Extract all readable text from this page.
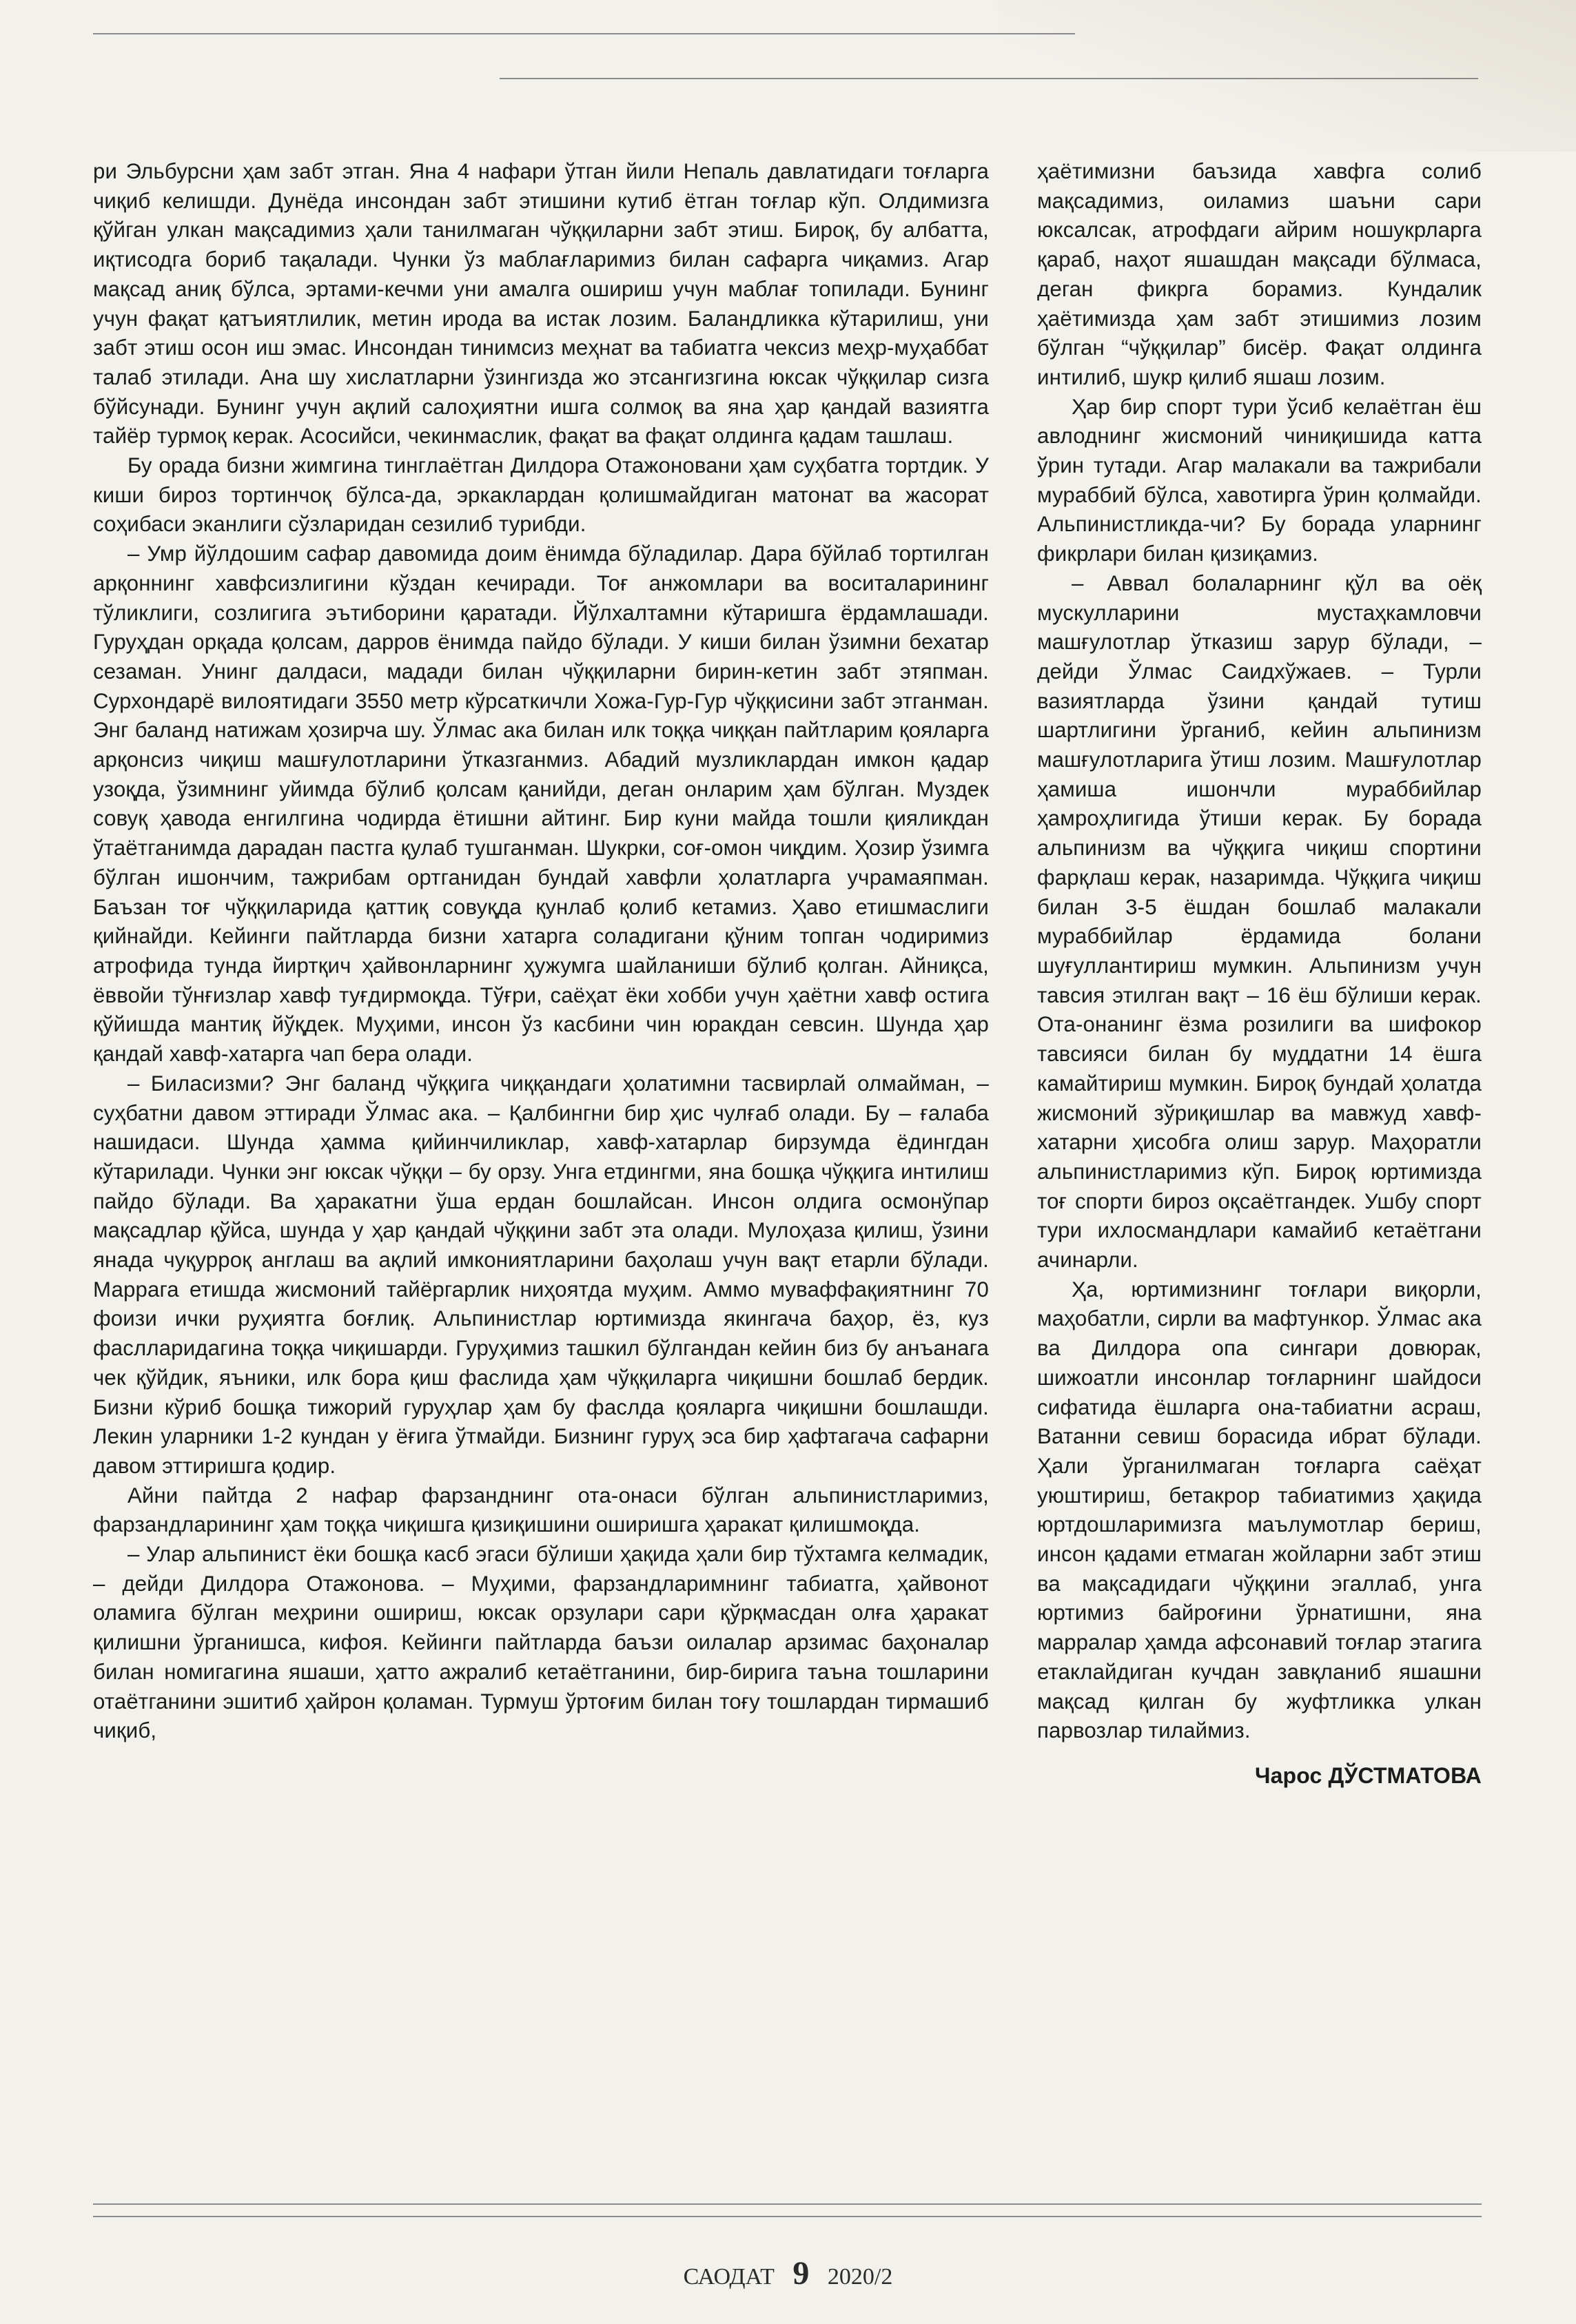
ри Эльбурсни ҳам забт этган. Яна 4 нафари ўтган йили Непаль давлатидаги тоғларга чиқиб келишди. Дунёда инсондан забт этишини кутиб ётган тоғлар кўп. Олдимизга қўйган улкан мақсадимиз ҳали танилмаган чўққиларни забт этиш. Бироқ, бу албатта, иқтисодга бориб тақалади. Чунки ўз маблағларимиз билан сафарга чиқамиз. Агар мақсад аниқ бўлса, эртами-кечми уни амалга ошириш учун маблағ топилади. Бунинг учун фақат қатъиятлилик, метин ирода ва истак лозим. Баландликка кўтарилиш, уни забт этиш осон иш эмас. Инсондан тинимсиз меҳнат ва табиатга чексиз меҳр-муҳаббат талаб этилади. Ана шу хислатларни ўзингизда жо этсангизгина юксак чўққилар сизга бўйсунади. Бунинг учун ақлий салоҳиятни ишга солмоқ ва яна ҳар қандай вазиятга тайёр турмоқ керак. Асосийси, чекинмаслик, фақат ва фақат олдинга қадам ташлаш.

Бу орада бизни жимгина тинглаётган Дилдора Отажоновани ҳам суҳбатга тортдик. У киши бироз тортинчоқ бўлса-да, эркаклардан қолишмайдиган матонат ва жасорат соҳибаси эканлиги сўзларидан сезилиб турибди.

– Умр йўлдошим сафар давомида доим ёнимда бўладилар. Дара бўйлаб тортилган арқоннинг хавфсизлигини кўздан кечиради. Тоғ анжомлари ва воситаларининг тўликлиги, созлигига эътиборини қаратади. Йўлхалтамни кўтаришга ёрдамлашади. Гуруҳдан орқада қолсам, дарров ёнимда пайдо бўлади. У киши билан ўзимни бехатар сезаман. Унинг далдаси, мадади билан чўққиларни бирин-кетин забт этяпман. Сурхондарё вилоятидаги 3550 метр кўрсаткичли Хожа-Гур-Гур чўққисини забт этганман. Энг баланд натижам ҳозирча шу. Ўлмас ака билан илк тоққа чиққан пайтларим қояларга арқонсиз чиқиш машғулотларини ўтказганмиз. Абадий музликлардан имкон қадар узоқда, ўзимнинг уйимда бўлиб қолсам қанийди, деган онларим ҳам бўлган. Муздек совуқ ҳавода енгилгина чодирда ётишни айтинг. Бир куни майда тошли қияликдан ўтаётганимда дарадан пастга қулаб тушганман. Шукрки, соғ-омон чиқдим. Ҳозир ўзимга бўлган ишончим, тажрибам ортганидан бундай хавфли ҳолатларга учрамаяпман. Баъзан тоғ чўққиларида қаттиқ совуқда қунлаб қолиб кетамиз. Ҳаво етишмаслиги қийнайди. Кейинги пайтларда бизни хатарга соладигани қўним топган чодиримиз атрофида тунда йиртқич ҳайвонларнинг ҳужумга шайланиши бўлиб қолган. Айниқса, ёввойи тўнғизлар хавф туғдирмоқда. Тўғри, саёҳат ёки хобби учун ҳаётни хавф остига қўйишда мантиқ йўқдек. Муҳими, инсон ўз касбини чин юракдан севсин. Шунда ҳар қандай хавф-хатарга чап бера олади.

– Биласизми? Энг баланд чўққига чиққандаги ҳолатимни тасвирлай олмайман, – суҳбатни давом эттиради Ўлмас ака. – Қалбингни бир ҳис чулғаб олади. Бу – ғалаба нашидаси. Шунда ҳамма қийинчиликлар, хавф-хатарлар бирзумда ёдингдан кўтарилади. Чунки энг юксак чўққи – бу орзу. Унга етдингми, яна бошқа чўққига интилиш пайдо бўлади. Ва ҳаракатни ўша ердан бошлайсан. Инсон олдига осмонўпар мақсадлар қўйса, шунда у ҳар қандай чўққини забт эта олади. Мулоҳаза қилиш, ўзини янада чуқурроқ англаш ва ақлий имкониятларини баҳолаш учун вақт етарли бўлади. Маррага етишда жисмоний тайёргарлик ниҳоятда муҳим. Аммо муваффақиятнинг 70 фоизи ички руҳиятга боғлиқ. Альпинистлар юртимизда якингача баҳор, ёз, куз фаслларидагина тоққа чиқишарди. Гуруҳимиз ташкил бўлгандан кейин биз бу анъанага чек қўйдик, яъники, илк бора қиш фаслида ҳам чўққиларга чиқишни бошлаб бердик. Бизни кўриб бошқа тижорий гуруҳлар ҳам бу фаслда қояларга чиқишни бошлашди. Лекин уларники 1-2 кундан у ёғига ўтмайди. Бизнинг гуруҳ эса бир ҳафтагача сафарни давом эттиришга қодир.

Айни пайтда 2 нафар фарзанднинг ота-онаси бўлган альпинистларимиз, фарзандларининг ҳам тоққа чиқишга қизиқишини оширишга ҳаракат қилишмоқда.

– Улар альпинист ёки бошқа касб эгаси бўлиши ҳақида ҳали бир тўхтамга келмадик, – дейди Дилдора Отажонова. – Муҳими, фарзандларимнинг табиатга, ҳайвонот оламига бўлган меҳрини ошириш, юксак орзулари сари қўрқмасдан олға ҳаракат қилишни ўрганишса, кифоя. Кейинги пайтларда баъзи оилалар арзимас баҳоналар билан номигагина яшаши, ҳатто ажралиб кетаётганини, бир-бирига таъна тошларини отаётганини эшитиб ҳайрон қоламан. Турмуш ўртоғим билан тоғу тошлардан тирмашиб чиқиб,

ҳаётимизни баъзида хавфга солиб мақсадимиз, оиламиз шаъни сари юксалсак, атрофдаги айрим ношукрларга қараб, наҳот яшашдан мақсади бўлмаса, деган фикрга борамиз. Кундалик ҳаётимизда ҳам забт этишимиз лозим бўлган “чўққилар” бисёр. Фақат олдинга интилиб, шукр қилиб яшаш лозим.

Ҳар бир спорт тури ўсиб келаётган ёш авлоднинг жисмоний чиниқишида катта ўрин тутади. Агар малакали ва тажрибали мураббий бўлса, хавотирга ўрин қолмайди. Альпинистликда-чи? Бу борада уларнинг фикрлари билан қизиқамиз.

– Аввал болаларнинг қўл ва оёқ мускулларини мустаҳкамловчи машғулотлар ўтказиш зарур бўлади, – дейди Ўлмас Саидхўжаев. – Турли вазиятларда ўзини қандай тутиш шартлигини ўрганиб, кейин альпинизм машғулотларига ўтиш лозим. Машғулотлар ҳамиша ишончли мураббийлар ҳамроҳлигида ўтиши керак. Бу борада альпинизм ва чўққига чиқиш спортини фарқлаш керак, назаримда. Чўққига чиқиш билан 3-5 ёшдан бошлаб малакали мураббийлар ёрдамида болани шуғуллантириш мумкин. Альпинизм учун тавсия этилган вақт – 16 ёш бўлиши керак. Ота-онанинг ёзма розилиги ва шифокор тавсияси билан бу муддатни 14 ёшга камайтириш мумкин. Бироқ бундай ҳолатда жисмоний зўриқишлар ва мавжуд хавф-хатарни ҳисобга олиш зарур. Маҳоратли альпинистларимиз кўп. Бироқ юртимизда тоғ спорти бироз оқсаётгандек. Ушбу спорт тури ихлосмандлари камайиб кетаётгани ачинарли.

Ҳа, юртимизнинг тоғлари виқорли, маҳобатли, сирли ва мафтункор. Ўлмас ака ва Дилдора опа сингари довюрак, шижоатли инсонлар тоғларнинг шайдоси сифатида ёшларга она-табиатни асраш, Ватанни севиш борасида ибрат бўлади. Ҳали ўрганилмаган тоғларга саёҳат уюштириш, бетакрор табиатимиз ҳақида юртдошларимизга маълумотлар бериш, инсон қадами етмаган жойларни забт этиш ва мақсадидаги чўққини эгаллаб, унга юртимиз байроғини ўрнатишни, яна марралар ҳамда афсонавий тоғлар этагига етаклайдиган кучдан завқланиб яшашни мақсад қилган бу жуфтликка улкан парвозлар тилаймиз.

Чарос ДЎСТМАТОВА

САОДАТ 9 2020/2
